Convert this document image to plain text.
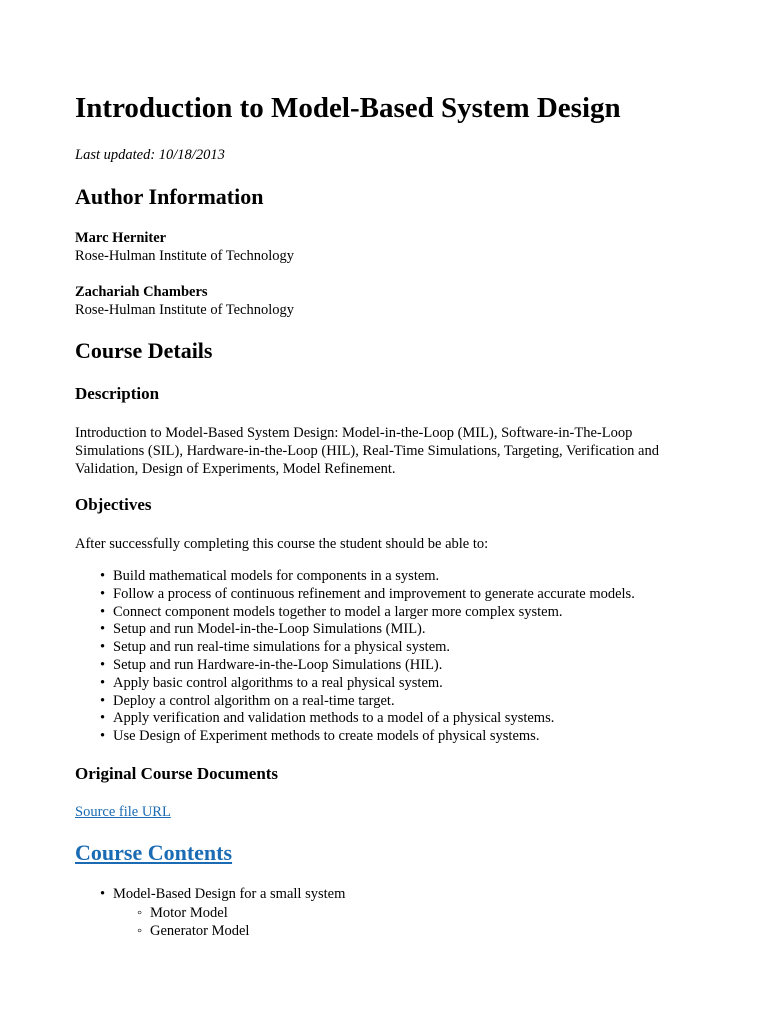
Introduction to Model-Based System Design

Last updated: 10/18/2013

Author Information
Marc Herniter
Rose-Hulman Institute of Technology
Zachariah Chambers
Rose-Hulman Institute of Technology
Course Details
Description

Introduction to Model-Based System Design: Model-in-the-Loop (MIL), Software-in-The-Loop Simulations (SIL), Hardware-in-the-Loop (HIL), Real-Time Simulations, Targeting, Verification and Validation, Design of Experiments, Model Refinement.

Objectives

After successfully completing this course the student should be able to:

• Build mathematical models for components in a system.
• Follow a process of continuous refinement and improvement to generate accurate models.
• Connect component models together to model a larger more complex system.
• Setup and run Model-in-the-Loop Simulations (MIL).
• Setup and run real-time simulations for a physical system.
• Setup and run Hardware-in-the-Loop Simulations (HIL).
• Apply basic control algorithms to a real physical system.
• Deploy a control algorithm on a real-time target.
• Apply verification and validation methods to a model of a physical systems.
• Use Design of Experiment methods to create models of physical systems.
Original Course Documents

Source file URL

Course Contents
• Model-Based Design for a small system
◦ Motor Model
◦ Generator Model
